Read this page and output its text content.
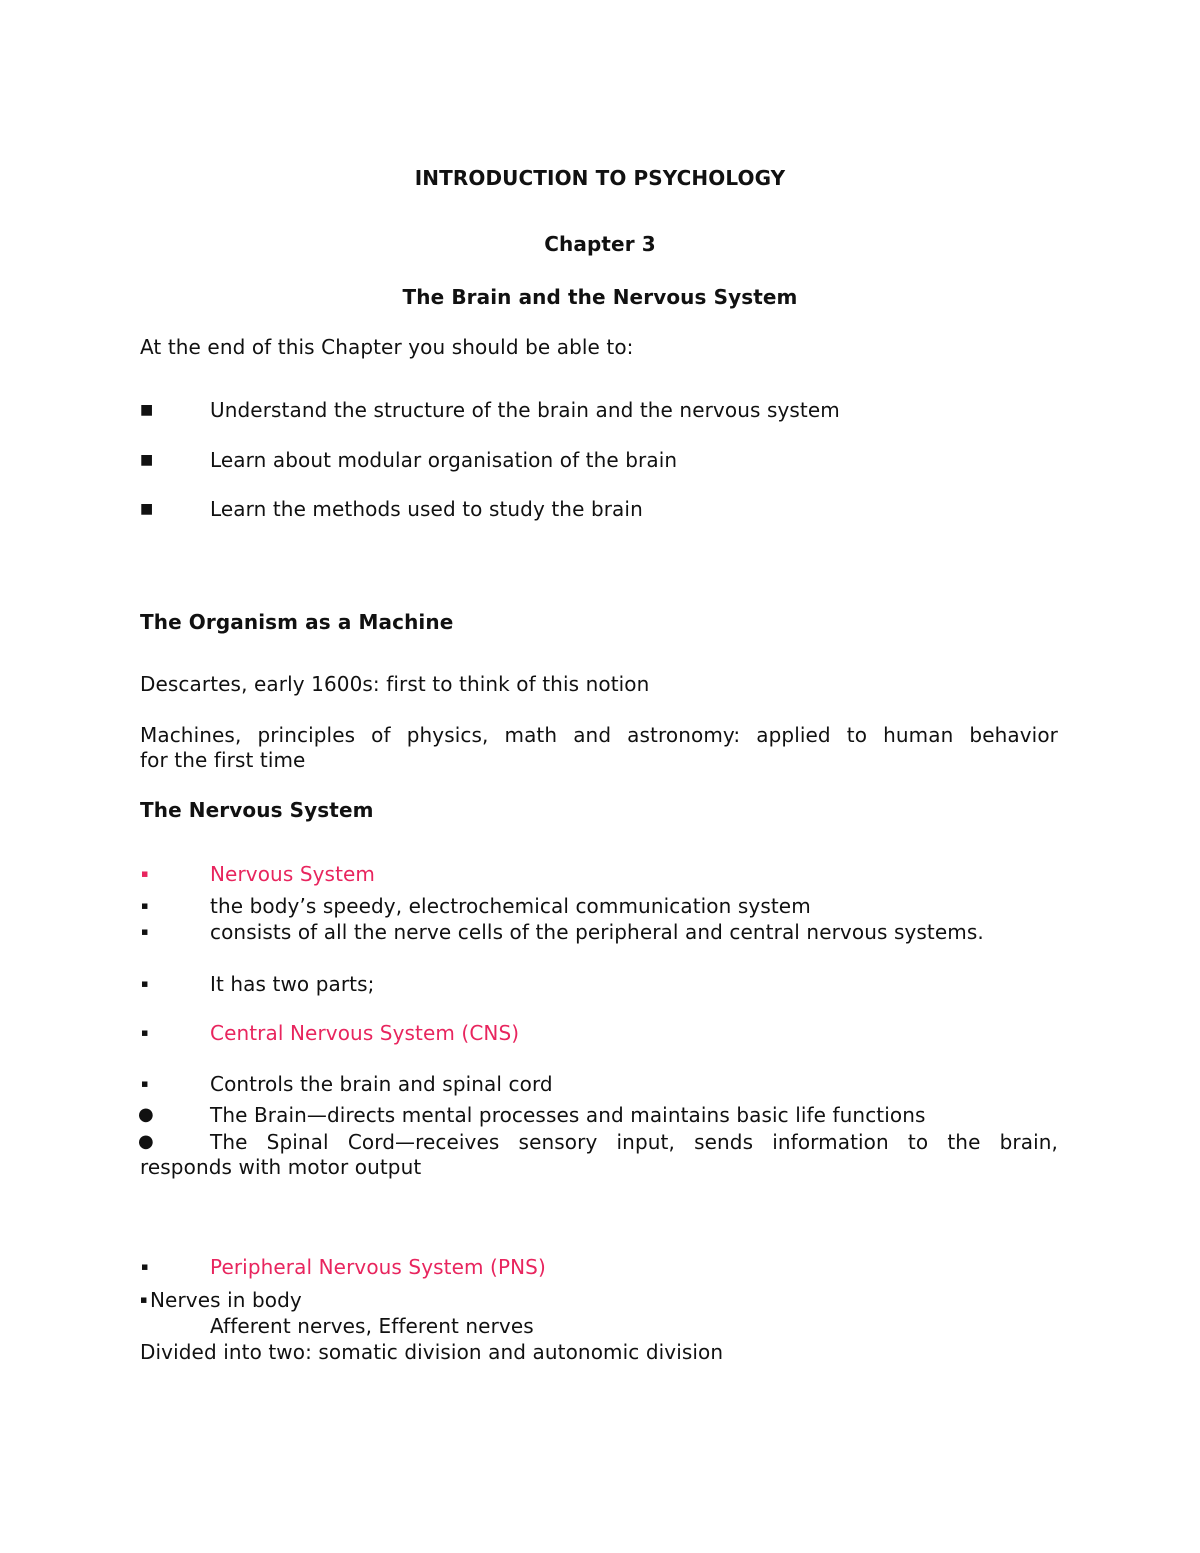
INTRODUCTION TO PSYCHOLOGY
Chapter 3
The Brain and the Nervous System
At the end of this Chapter you should be able to:
■	Understand the structure of the brain and the nervous system
■	Learn about modular organisation of the brain
■	Learn the methods used to study the brain
The Organism as a Machine
Descartes, early 1600s: first to think of this notion
Machines, principles of physics, math and astronomy: applied to human behavior
for the first time
The Nervous System
▪	Nervous System
▪	the body’s speedy, electrochemical communication system
▪	consists of all the nerve cells of the peripheral and central nervous systems.
▪	It has two parts;
▪	Central Nervous System (CNS)
▪	Controls the brain and spinal cord
●	The Brain—directs mental processes and maintains basic life functions
●	The Spinal Cord—receives sensory input, sends information to the brain,
responds with motor output
▪	Peripheral Nervous System (PNS)
▪ Nerves in body
Afferent nerves, Efferent nerves
Divided into two: somatic division and autonomic division
